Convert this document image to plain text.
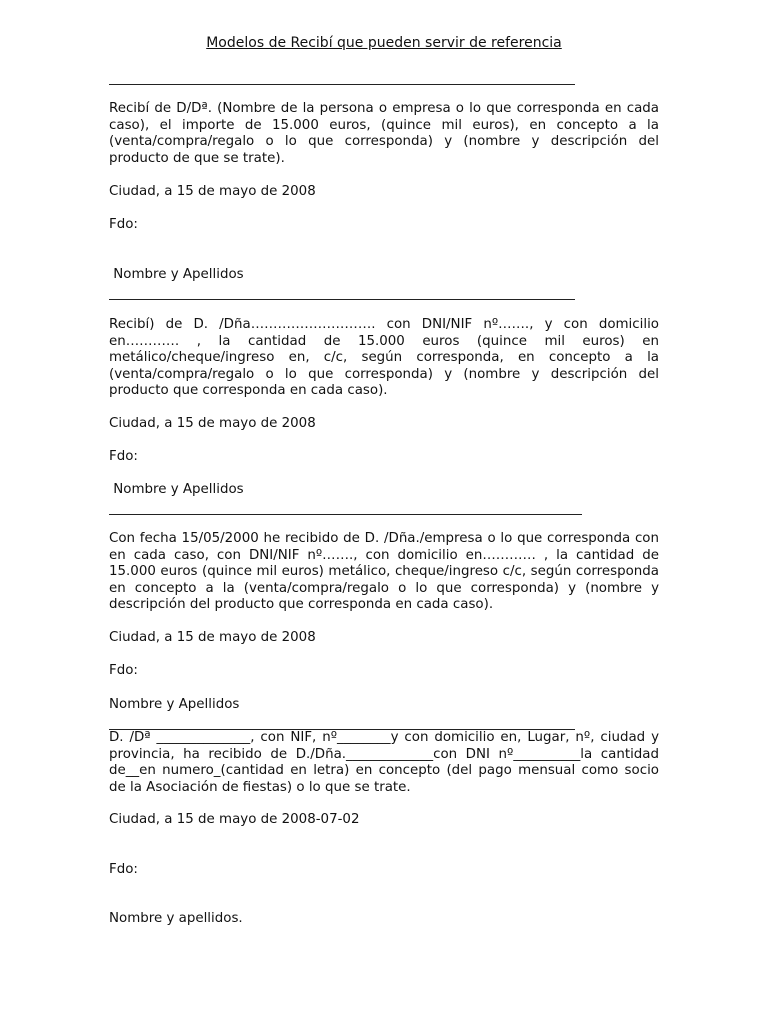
Modelos de Recibí que pueden servir de referencia

Recibí de D/Dª. (Nombre de la persona o empresa o lo que corresponda en cada caso), el importe de 15.000 euros, (quince mil euros), en concepto a la (venta/compra/regalo o lo que corresponda) y (nombre y descripción del producto de que se trate).

Ciudad, a 15 de mayo de 2008

Fdo:

Nombre y Apellidos

Recibí) de D. /Dña………………………. con DNI/NIF nº……., y con domicilio en………… , la cantidad de 15.000 euros (quince mil euros) en metálico/cheque/ingreso en, c/c, según corresponda, en concepto a la (venta/compra/regalo o lo que corresponda) y (nombre y descripción del producto que corresponda en cada caso).

Ciudad, a 15 de mayo de 2008

Fdo:

Nombre y Apellidos

Con fecha 15/05/2000 he recibido de D. /Dña./empresa o lo que corresponda con en cada caso, con DNI/NIF nº……., con domicilio en………… , la cantidad de 15.000 euros (quince mil euros) metálico, cheque/ingreso c/c, según corresponda en concepto a la (venta/compra/regalo o lo que corresponda) y (nombre y descripción del producto que corresponda en cada caso).

Ciudad, a 15 de mayo de 2008

Fdo:

Nombre y Apellidos

D. /Dª ______________, con NIF, nº________y con domicilio en, Lugar, nº, ciudad y provincia, ha recibido de D./Dña._____________con DNI nº__________la cantidad de__en numero_(cantidad en letra) en concepto (del pago mensual como socio de la Asociación de fiestas) o lo que se trate.

Ciudad, a 15 de mayo de 2008-07-02

Fdo:

Nombre y apellidos.
